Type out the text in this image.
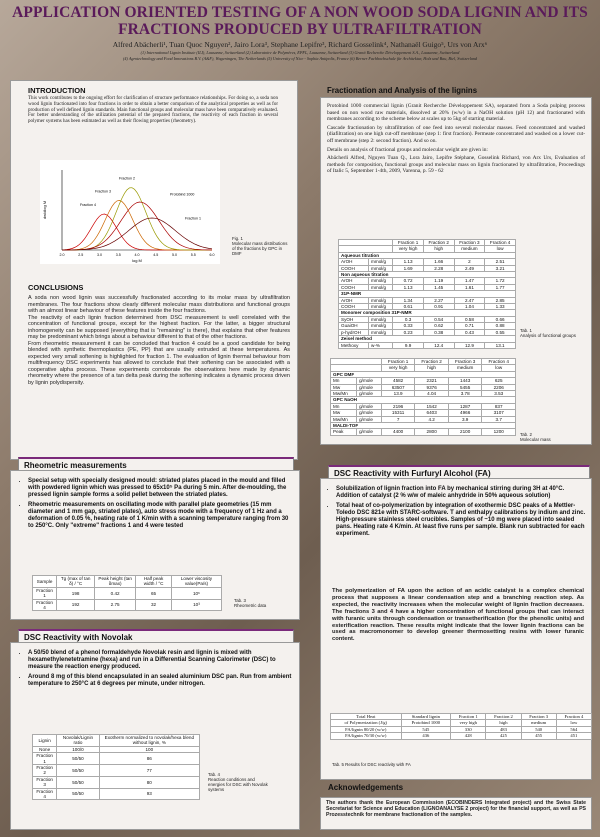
APPLICATION ORIENTED TESTING OF A NON WOOD SODA LIGNIN AND ITS FRACTIONS PRODUCED BY ULTRAFILTRATION
Alfred Abächerli¹, Tuan Quoc Nguyen², Jairo Lora³, Stephane Lepifre³, Richard Gosselink⁴, Nathanaël Guigo⁵, Urs von Arx⁶
(1) International Lignin Institute (ILI), Lausanne, Switzerland (2) Laboratoire de Polymères, EPFL, Lausanne, Switzerland (3) Granit Recherche Développement S.A., Lausanne, Switzerland
(4) Agrotechnology and Food Innovations B.V. (A&F), Wageningen, The Netherlands (5) University of Nice - Sophia Antipolis, France (6) Berner Fachhochschule für Architektur, Holz und Bau, Biel, Switzerland
INTRODUCTION
This work contributes to the ongoing effort for clarification of structure performance relationships. For doing so, a soda non wood lignin fractionated into four fractions in order to obtain a better comparison of the analytical properties as well as for production of well defined lignin standards. Main functional groups and molecular mass have been comparatively evaluated. For better understanding of the utilization potential of the prepared fractions, the reactivity of each fraction in several polymer systems has been estimated as well as their flowing properties (rheometry).
2.0	2.5	3.0	3.5	4.0	4.5	5.0	5.5	6.0
log M
dw/dlog M	Fraction 4
Fraction 3
Fraction 2
Protobind 1000
Fraction 1
Fig. 1
Molecular mass distributions of the fractions by GPC in DMF
CONCLUSIONS

A soda non wood lignin was successfully fractionated according to its molar mass by ultrafiltration membranes. The four fractions show clearly different molecular mass distributions and functional groups with an almost linear behaviour of these features inside the four fractions.

The reactivity of each lignin fraction determined from DSC measurement is well correlated with the concentration of functional groups, except for the highest fraction. For the latter, a bigger structural inhomogeneity can be supposed (everything that is "remaining" is there), that explains that other features may be predominant which brings about a behaviour different to that of the other fractions.

From rheometric measurement it can be concluded that fraction 4 could be a good candidate for being blended with synthetic thermoplastics (PE, PP) that are usually extruded at these temperatures. As expected very small softening is highlighted for fraction 1. The evaluation of lignin thermal behaviour from multifrequency DSC experiments has allowed to conclude that their softening can be associated with a cooperative alpha process. These experiments corroborate the observations here made by dynamic rheometry where the presence of a tan delta peak during the softening indicates a dynamic process driven by lignin polydispersity.

Fractionation and Analysis of the lignins

Protobind 1000 commercial lignin (Granit Recherche Développement SA), separated from a Soda pulping process based on non wood raw materials, dissolved at 20% (w/w) in a NaOH solution (pH 12) and fractionated with membranes according to the scheme below at scales up to 5kg of starting material.

Cascade fractionation by ultrafiltration of one feed into several molecular masses. Feed concentrated and washed (diafiltration) on one high cut-off membrane (step 1: first fraction). Permeate concentrated and washed on a lower cut-off membrane (step 2: second fraction). And so on.

Details on analysis of fractional groups and molecular weight are given in:

Abächerli Alfred, Nguyen Tuan Q., Lora Jairo, Lepifre Stéphane, Gosselink Richard, von Arx Urs, Evaluation of methods for composition, functional groups and molecular mass on lignin fractionated by ultrafiltration, Proceedings of Italic 5, September 1-4th, 2009, Varenna, p. 59 - 62

		Fraction 1	Fraction 2	Fraction 3	Fraction 4
		very high	high	medium	low
Aqueous titration					
ArOH	mmol/g	1.13	1.66	2	2.51
COOH	mmol/g	1.69	2.28	2.49	3.21
Non aqueous titration					
ArOH	mmol/g	0.72	1.19	1.47	1.72
COOH	mmol/g	1.13	1.45	1.61	1.77
31P-NMR					
ArOH	mmol/g	1.34	2.27	2.47	2.85
COOH	mmol/g	0.61	0.91	1.04	1.33
Monomer composition 31P-NMR					
SyOH	mmol/g	0.3	0.54	0.58	0.66
GuaiOH	mmol/g	0.33	0.62	0.71	0.88
p-hydrOH	mmol/g	0.23	0.38	0.43	0.55
Zeisel method					
Methoxy	w-%	9.9	12.4	12.9	13.1
Tab. 1
Analysis of functional groups
		Fraction 1	Fraction 2	Fraction 3	Fraction 4
		very high	high	medium	low
GPC DMF					
Mn	g/mole	4582	2321	1443	625
Mw	g/mole	63507	9376	5455	2206
Mw/Mn	g/mole	13.9	4.04	3.78	3.53
GPC NaOH					
Mn	g/mole	2196	1542	1287	837
Mw	g/mole	15311	6403	4966	3107
Mw/Mn	g/mole	7	4.2	3.9	3.7
MALDI-TOF					
Peak	g/mole	4400	2800	2100	1200
Tab. 2
Molecular mass
Rheometric measurements
• Special setup with specially designed mould: striated plates placed in the mould and filled with powdered lignin which was pressed to 65x10⁵ Pa during 5 min. After de-moulding, the pressed lignin sample forms a solid pellet between the striated plates.
• Rheometric measurements on oscillating mode with parallel plate geometries (15 mm diameter and 1 mm gap, striated plates), auto stress mode with a frequency of 1 Hz and a deformation of 0.05 %, heating rate of 1 K/min with a scanning temperature ranging from 30 to 250°C. Only "extreme" fractions 1 and 4 were tested
Sample	Tg (max of tan δ) / °C	Peak height (tan δmax)	Half peak width / °C	Lower viscosity value(Pa/s)
Fraction 1	198	0.42	65	10⁶
Fraction 4	192	2.75	32	10³
Tab. 3
Rheometric data
DSC Reactivity with Novolak
• A 50/50 blend of a phenol formaldehyde Novolak resin and lignin is mixed with hexamethylenetetramine (hexa) and run in a Differential Scanning Calorimeter (DSC) to measure the reaction energy produced.
• Around 8 mg of this blend encapsulated in an sealed aluminium DSC pan. Run from ambient temperature to 250°C at 6 degrees per minute, under nitrogen.
Lignin	Novolak/Lignin ratio	Exotherm normalized to novolak/hexa blend without lignin, %
None	100/0	100
Fraction 1	50/50	86
Fraction 2	50/50	77
Fraction 3	50/50	80
Fraction 4	50/50	93
Tab. 4
Reaction conditions and energies for DSC with Novolak systems
DSC Reactivity with Furfuryl Alcohol (FA)
• Solubilization of lignin fraction into FA by mechanical stirring during 3H at 40°C. Addition of catalyst (2 % w/w of maleic anhydride in 50% aqueous solution)
• Total heat of co-polymerization by integration of exothermic DSC peaks of a Mettler-Toledo DSC 821e with STARC-software. T and enthalpy calibrations by indium and zinc. High-pressure stainless steel crucibles. Samples of ~10 mg were placed into sealed pans. Heating rate 4 K/min. At least five runs per sample. Blank run subtracted for each experiment.
The polymerization of FA upon the action of an acidic catalyst is a complex chemical process that supposes a linear condensation step and a branching reaction step. As expected, the reactivity increases when the molecular weight of lignin fraction decreases. The fractions 3 and 4 have a higher concentration of functional groups that can interact with furanic units through condensation or transetherification (for the phenolic units) and esterification reaction. These results might indicate that the lower lignin fractions can be used as macromonomer to develop greener thermosetting resins with lower furanic content.
Total Heat	Standard lignin	Fraction 1	Fraction 2	Fraction 3	Fraction 4
of Polymerization (J/g)	Protobind 1000	very high	high	medium	low
FA/lignin 80/20 (w/w)	545	330	483	540	564
FA/lignin 70/30 (w/w)	436	428	425	455	451
Tab. 5 Results for DSC reactivity with FA
Acknowledgements
The authors thank the European Commission (ECOBINDERS Integrated project) and the Swiss State Secretariat for Science and Education (LIGNOANALYSE 2 project) for the financial support, as well as PS Prozesstechnik for membrane fractionation of the samples.
